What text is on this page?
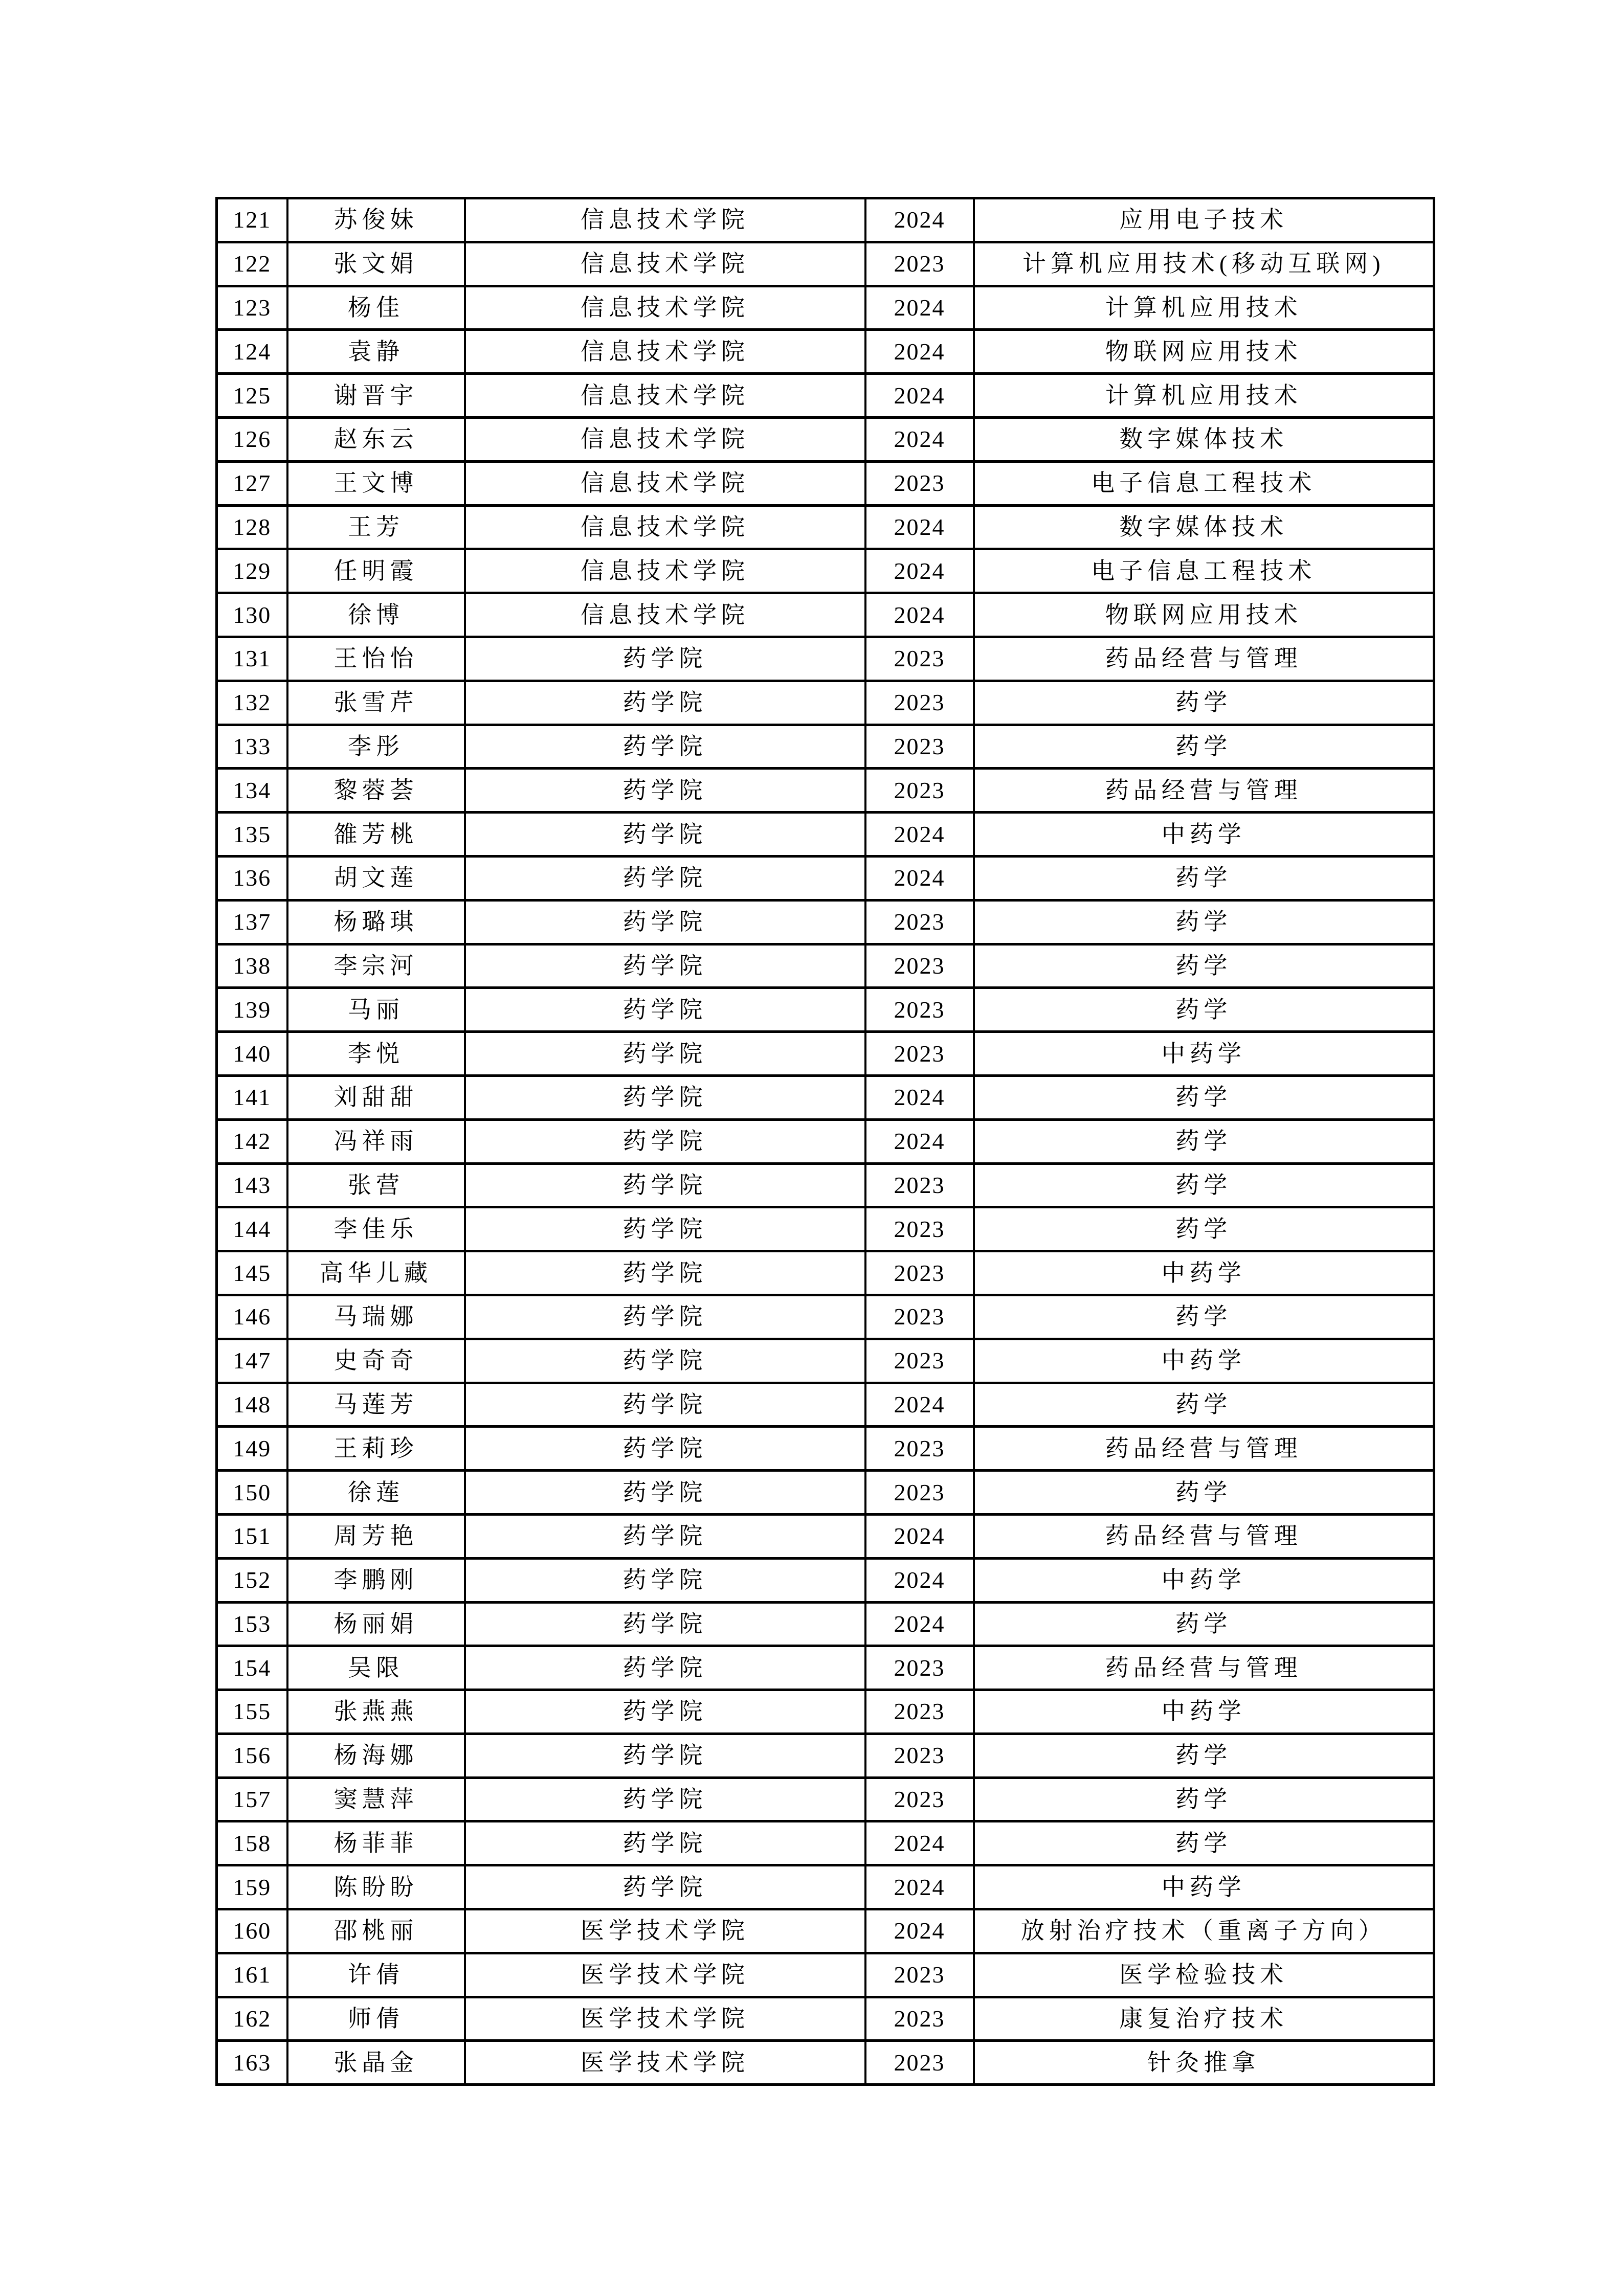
121	苏俊妹	信息技术学院	2024	应用电子技术
122	张文娟	信息技术学院	2023	计算机应用技术(移动互联网)
123	杨佳	信息技术学院	2024	计算机应用技术
124	袁静	信息技术学院	2024	物联网应用技术
125	谢晋宇	信息技术学院	2024	计算机应用技术
126	赵东云	信息技术学院	2024	数字媒体技术
127	王文博	信息技术学院	2023	电子信息工程技术
128	王芳	信息技术学院	2024	数字媒体技术
129	任明霞	信息技术学院	2024	电子信息工程技术
130	徐博	信息技术学院	2024	物联网应用技术
131	王怡怡	药学院	2023	药品经营与管理
132	张雪芹	药学院	2023	药学
133	李彤	药学院	2023	药学
134	黎蓉荟	药学院	2023	药品经营与管理
135	雒芳桃	药学院	2024	中药学
136	胡文莲	药学院	2024	药学
137	杨璐琪	药学院	2023	药学
138	李宗河	药学院	2023	药学
139	马丽	药学院	2023	药学
140	李悦	药学院	2023	中药学
141	刘甜甜	药学院	2024	药学
142	冯祥雨	药学院	2024	药学
143	张营	药学院	2023	药学
144	李佳乐	药学院	2023	药学
145	高华儿藏	药学院	2023	中药学
146	马瑞娜	药学院	2023	药学
147	史奇奇	药学院	2023	中药学
148	马莲芳	药学院	2024	药学
149	王莉珍	药学院	2023	药品经营与管理
150	徐莲	药学院	2023	药学
151	周芳艳	药学院	2024	药品经营与管理
152	李鹏刚	药学院	2024	中药学
153	杨丽娟	药学院	2024	药学
154	吴限	药学院	2023	药品经营与管理
155	张燕燕	药学院	2023	中药学
156	杨海娜	药学院	2023	药学
157	窦慧萍	药学院	2023	药学
158	杨菲菲	药学院	2024	药学
159	陈盼盼	药学院	2024	中药学
160	邵桃丽	医学技术学院	2024	放射治疗技术（重离子方向）
161	许倩	医学技术学院	2023	医学检验技术
162	师倩	医学技术学院	2023	康复治疗技术
163	张晶金	医学技术学院	2023	针灸推拿
